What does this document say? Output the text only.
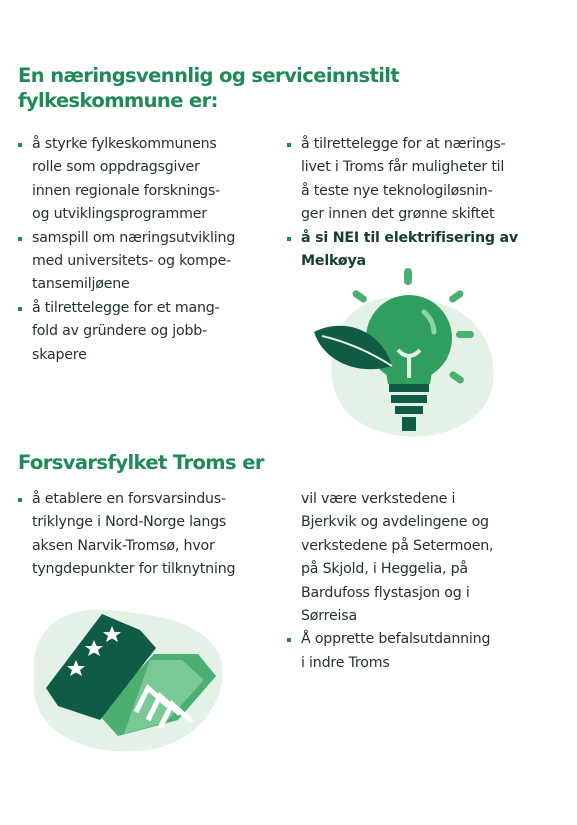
En næringsvennlig og serviceinnstilt
fylkeskommune er:
å styrke fylkeskommunens
rolle som oppdragsgiver
innen regionale forsknings-
og utviklingsprogrammer
samspill om næringsutvikling
med universitets- og kompe-
tansemiljøene
å tilrettelegge for et mang-
fold av gründere og jobb-
skapere
å tilrettelegge for at nærings-
livet i Troms får muligheter til
å teste nye teknologiløsnin-
ger innen det grønne skiftet
å si NEI til elektrifisering av
Melkøya
Forsvarsfylket Troms er
å etablere en forsvarsindus-
triklynge i Nord-Norge langs
aksen Narvik-Tromsø, hvor
tyngdepunkter for tilknytning
vil være verkstedene i
Bjerkvik og avdelingene og
verkstedene på Setermoen,
på Skjold, i Heggelia, på
Bardufoss flystasjon og i
Sørreisa
Å opprette befalsutdanning
i indre Troms
